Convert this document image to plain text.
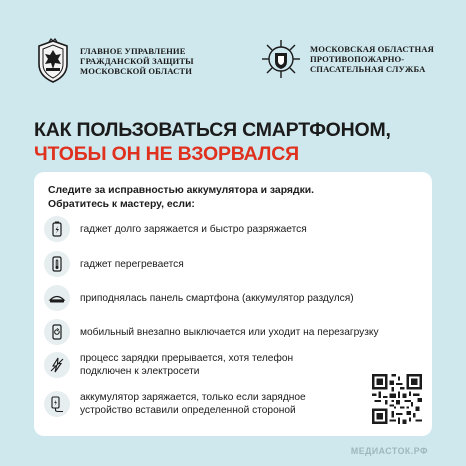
ГЛАВНОЕ УПРАВЛЕНИЕ
ГРАЖДАНСКОЙ ЗАЩИТЫ
МОСКОВСКОЙ ОБЛАСТИ
МОСКОВСКАЯ ОБЛАСТНАЯ
ПРОТИВОПОЖАРНО-
СПАСАТЕЛЬНАЯ СЛУЖБА
КАК ПОЛЬЗОВАТЬСЯ СМАРТФОНОМ,
ЧТОБЫ ОН НЕ ВЗОРВАЛСЯ
Следите за исправностью аккумулятора и зарядки.
Обратитесь к мастеру, если:
гаджет долго заряжается и быстро разряжается
гаджет перегревается
приподнялась панель смартфона (аккумулятор раздулся)
мобильный внезапно выключается или уходит на перезагрузку
процесс зарядки прерывается, хотя телефон
подключен к электросети
аккумулятор заряжается, только если зарядное
устройство вставили определенной стороной
МЕДИАСТОК.РФ
